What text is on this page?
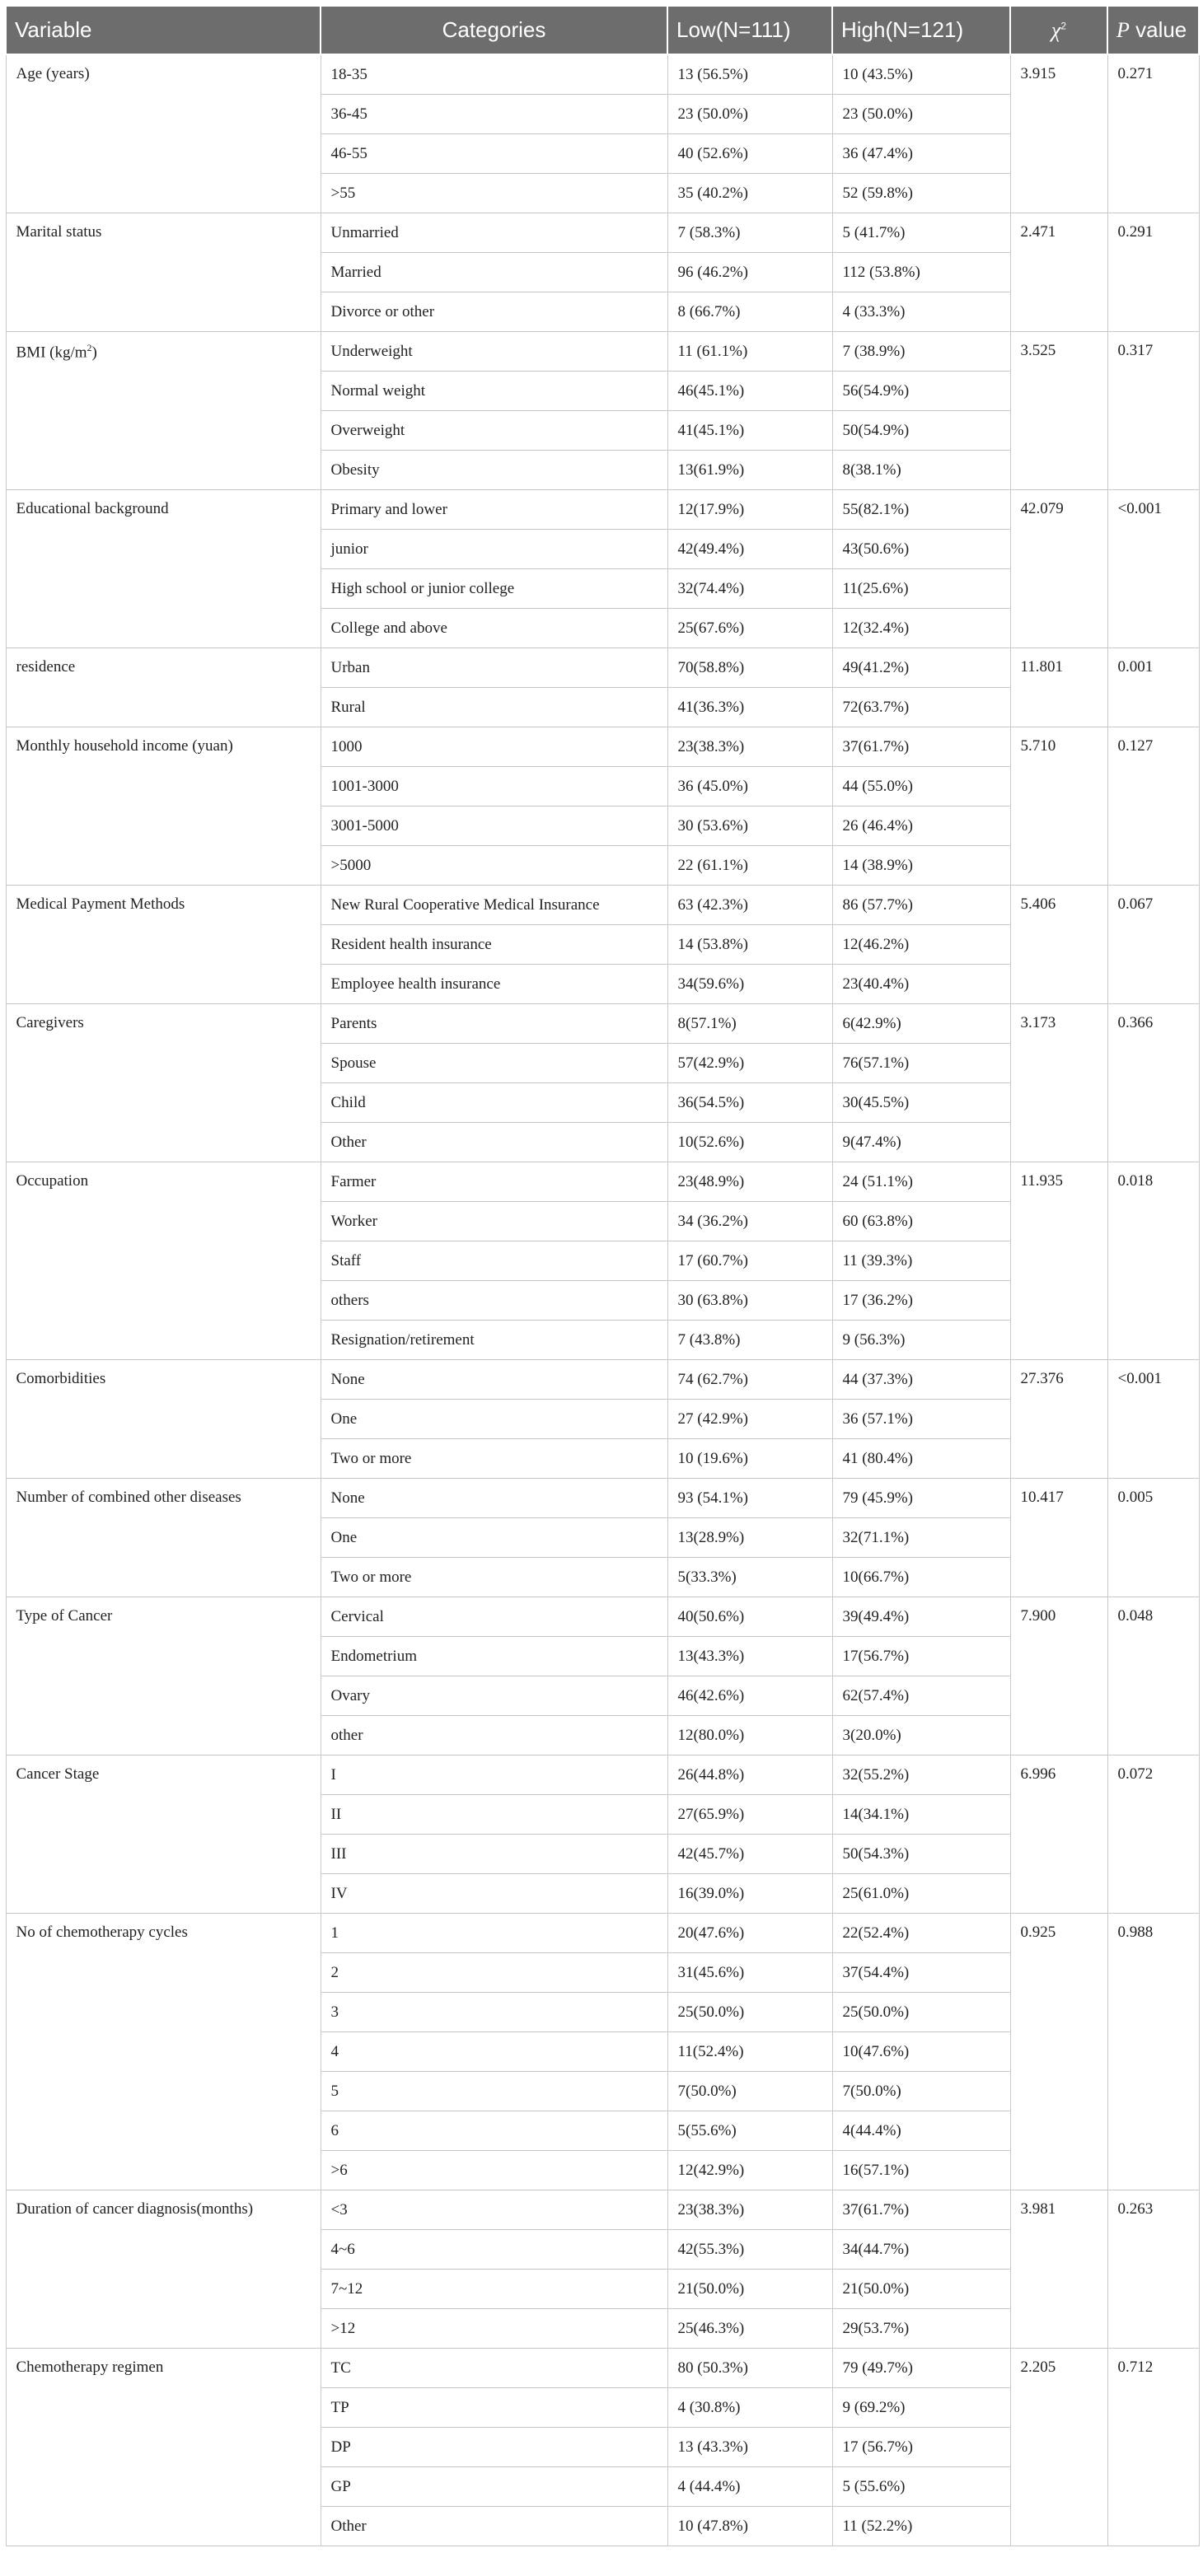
Variable	Categories	Low(N=111)	High(N=121)	$\chi^2$	P value
Age (years)	18-35	13 (56.5%)	10 (43.5%)	3.915	0.271
	36-45	23 (50.0%)	23 (50.0%)		
	46-55	40 (52.6%)	36 (47.4%)		
	>55	35 (40.2%)	52 (59.8%)		
Marital status	Unmarried	7 (58.3%)	5 (41.7%)	2.471	0.291
	Married	96 (46.2%)	112 (53.8%)		
	Divorce or other	8 (66.7%)	4 (33.3%)		
BMI $(kg/m^2)$	Underweight	11 (61.1%)	7 (38.9%)	3.525	0.317
	Normal weight	46(45.1%)	56(54.9%)		
	Overweight	41(45.1%)	50(54.9%)		
	Obesity	13(61.9%)	8(38.1%)		
Educational background	Primary and lower	12(17.9%)	55(82.1%)	42.079	<0.001
	junior	42(49.4%)	43(50.6%)		
	High school or junior college	32(74.4%)	11(25.6%)		
	College and above	25(67.6%)	12(32.4%)		
residence	Urban	70(58.8%)	49(41.2%)	11.801	0.001
	Rural	41(36.3%)	72(63.7%)		
Monthly household income (yuan)	1000	23(38.3%)	37(61.7%)	5.710	0.127
	1001-3000	36 (45.0%)	44 (55.0%)		
	3001-5000	30 (53.6%)	26 (46.4%)		
	>5000	22 (61.1%)	14 (38.9%)		
Medical Payment Methods	New Rural Cooperative Medical Insurance	63 (42.3%)	86 (57.7%)	5.406	0.067
	Resident health insurance	14 (53.8%)	12(46.2%)		
	Employee health insurance	34(59.6%)	23(40.4%)		
Caregivers	Parents	8(57.1%)	6(42.9%)	3.173	0.366
	Spouse	57(42.9%)	76(57.1%)		
	Child	36(54.5%)	30(45.5%)		
	Other	10(52.6%)	9(47.4%)		
Occupation	Farmer	23(48.9%)	24 (51.1%)	11.935	0.018
	Worker	34 (36.2%)	60 (63.8%)		
	Staff	17 (60.7%)	11 (39.3%)		
	others	30 (63.8%)	17 (36.2%)		
	Resignation/retirement	7 (43.8%)	9 (56.3%)		
Comorbidities	None	74 (62.7%)	44 (37.3%)	27.376	<0.001
	One	27 (42.9%)	36 (57.1%)		
	Two or more	10 (19.6%)	41 (80.4%)		
Number of combined other diseases	None	93 (54.1%)	79 (45.9%)	10.417	0.005
	One	13(28.9%)	32(71.1%)		
	Two or more	5(33.3%)	10(66.7%)		
Type of Cancer	Cervical	40(50.6%)	39(49.4%)	7.900	0.048
	Endometrium	13(43.3%)	17(56.7%)		
	Ovary	46(42.6%)	62(57.4%)		
	other	12(80.0%)	3(20.0%)		
Cancer Stage	I	26(44.8%)	32(55.2%)	6.996	0.072
	II	27(65.9%)	14(34.1%)		
	III	42(45.7%)	50(54.3%)		
	IV	16(39.0%)	25(61.0%)		
No of chemotherapy cycles	1	20(47.6%)	22(52.4%)	0.925	0.988
	2	31(45.6%)	37(54.4%)		
	3	25(50.0%)	25(50.0%)		
	4	11(52.4%)	10(47.6%)		
	5	7(50.0%)	7(50.0%)		
	6	5(55.6%)	4(44.4%)		
	>6	12(42.9%)	16(57.1%)		
Duration of cancer diagnosis(months)	<3	23(38.3%)	37(61.7%)	3.981	0.263
	4~6	42(55.3%)	34(44.7%)		
	7~12	21(50.0%)	21(50.0%)		
	>12	25(46.3%)	29(53.7%)		
Chemotherapy regimen	TC	80 (50.3%)	79 (49.7%)	2.205	0.712
	TP	4 (30.8%)	9 (69.2%)		
	DP	13 (43.3%)	17 (56.7%)		
	GP	4 (44.4%)	5 (55.6%)		
	Other	10 (47.8%)	11 (52.2%)		
